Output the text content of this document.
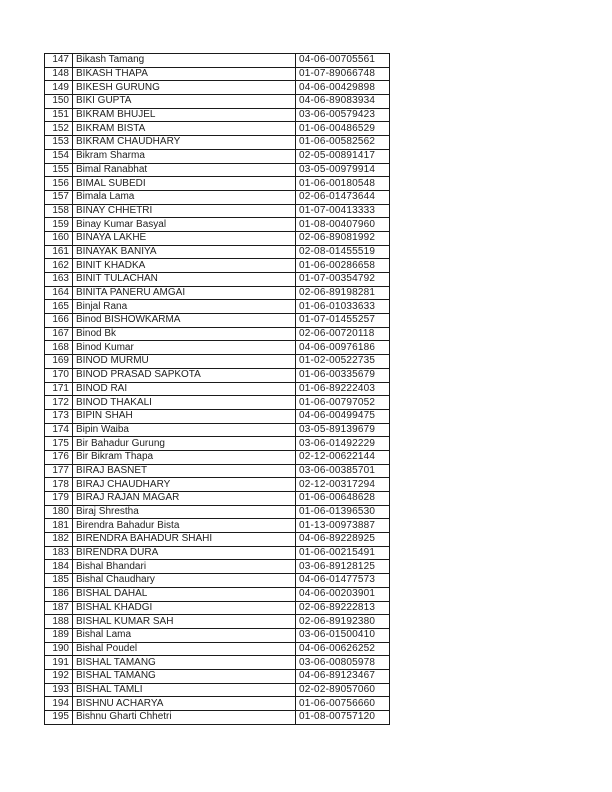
147	Bikash Tamang	04-06-00705561
148	BIKASH THAPA	01-07-89066748
149	BIKESH GURUNG	04-06-00429898
150	BIKI GUPTA	04-06-89083934
151	BIKRAM BHUJEL	03-06-00579423
152	BIKRAM BISTA	01-06-00486529
153	BIKRAM CHAUDHARY	01-06-00582562
154	Bikram Sharma	02-05-00891417
155	Bimal Ranabhat	03-05-00979914
156	BIMAL SUBEDI	01-06-00180548
157	Bimala Lama	02-06-01473644
158	BINAY CHHETRI	01-07-00413333
159	Binay Kumar Basyal	01-08-00407960
160	BINAYA LAKHE	02-06-89081992
161	BINAYAK BANIYA	02-08-01455519
162	BINIT KHADKA	01-06-00286658
163	BINIT TULACHAN	01-07-00354792
164	BINITA PANERU AMGAI	02-06-89198281
165	Binjal Rana	01-06-01033633
166	Binod BISHOWKARMA	01-07-01455257
167	Binod Bk	02-06-00720118
168	Binod Kumar	04-06-00976186
169	BINOD MURMU	01-02-00522735
170	BINOD PRASAD SAPKOTA	01-06-00335679
171	BINOD RAI	01-06-89222403
172	BINOD THAKALI	01-06-00797052
173	BIPIN SHAH	04-06-00499475
174	Bipin Waiba	03-05-89139679
175	Bir Bahadur Gurung	03-06-01492229
176	Bir Bikram Thapa	02-12-00622144
177	BIRAJ BASNET	03-06-00385701
178	BIRAJ CHAUDHARY	02-12-00317294
179	BIRAJ RAJAN MAGAR	01-06-00648628
180	Biraj Shrestha	01-06-01396530
181	Birendra Bahadur Bista	01-13-00973887
182	BIRENDRA BAHADUR SHAHI	04-06-89228925
183	BIRENDRA DURA	01-06-00215491
184	Bishal Bhandari	03-06-89128125
185	Bishal Chaudhary	04-06-01477573
186	BISHAL DAHAL	04-06-00203901
187	BISHAL KHADGI	02-06-89222813
188	BISHAL KUMAR SAH	02-06-89192380
189	Bishal Lama	03-06-01500410
190	Bishal Poudel	04-06-00626252
191	BISHAL TAMANG	03-06-00805978
192	BISHAL TAMANG	04-06-89123467
193	BISHAL TAMLI	02-02-89057060
194	BISHNU ACHARYA	01-06-00756660
195	Bishnu Gharti Chhetri	01-08-00757120
